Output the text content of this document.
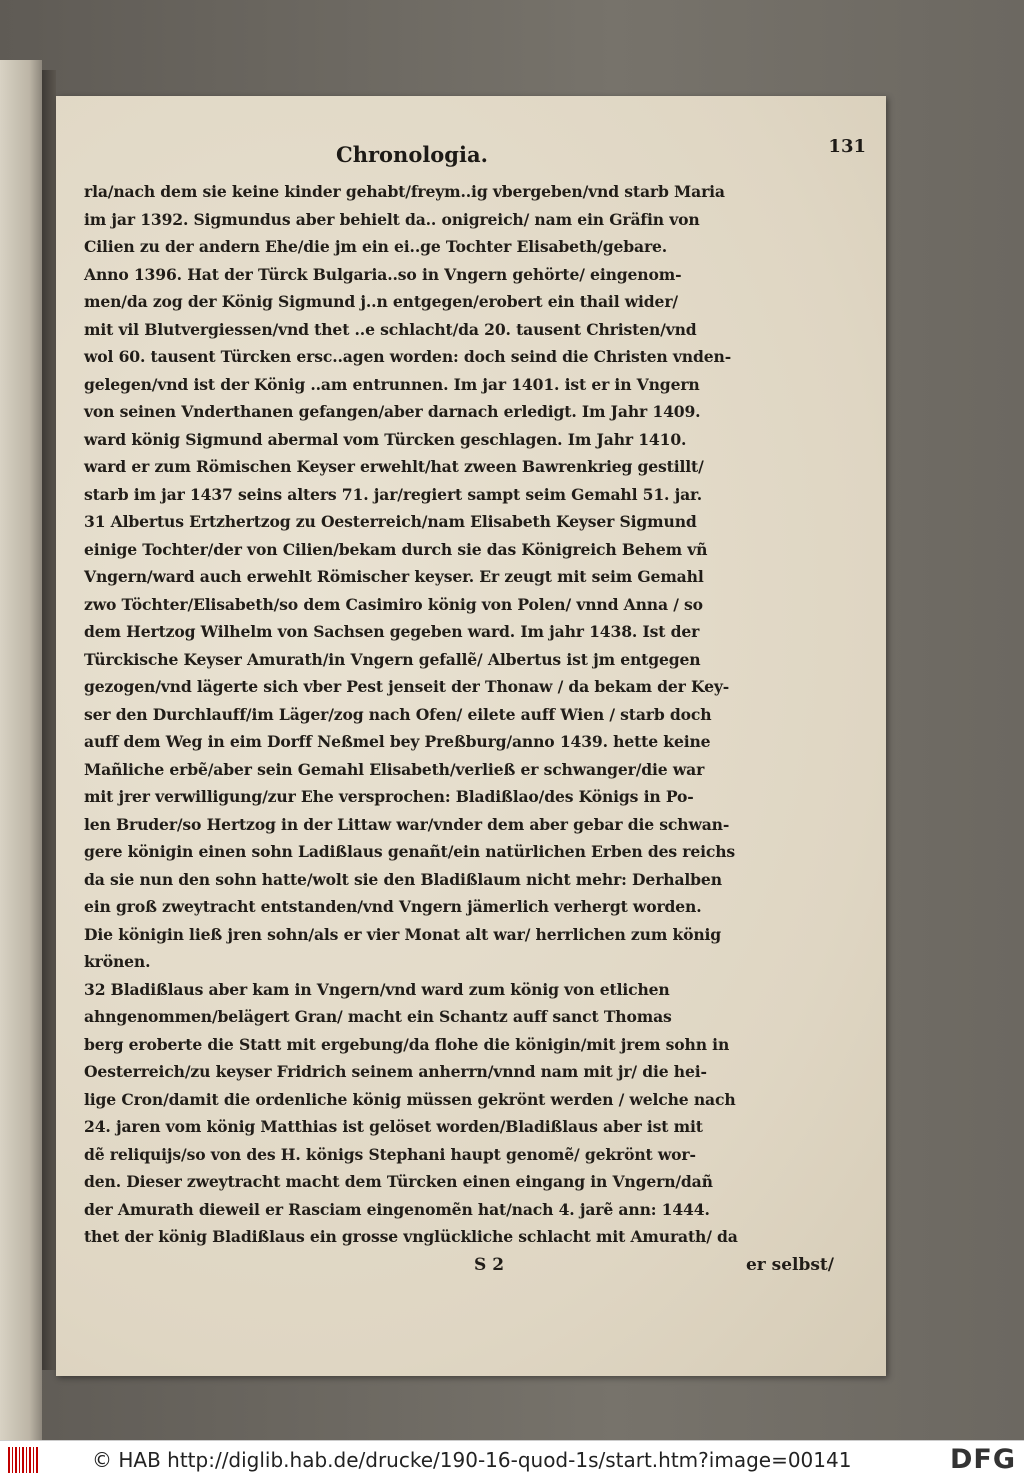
Chronologia.	131
rla/nach dem sie keine kinder gehabt/freym..ig vbergeben/vnd starb Maria
im jar 1392. Sigmundus aber behielt da.. onigreich/ nam ein Gräfin von
Cilien zu der andern Ehe/die jm ein ei..ge Tochter Elisabeth/gebare.
Anno 1396. Hat der Türck Bulgaria..so in Vngern gehörte/ eingenom-
men/da zog der König Sigmund j..n entgegen/erobert ein thail wider/
mit vil Blutvergiessen/vnd thet ..e schlacht/da 20. tausent Christen/vnd
wol 60. tausent Türcken ersc..agen worden: doch seind die Christen vnden-
gelegen/vnd ist der König ..am entrunnen. Im jar 1401. ist er in Vngern
von seinen Vnderthanen gefangen/aber darnach erledigt. Im Jahr 1409.
ward könig Sigmund abermal vom Türcken geschlagen. Im Jahr 1410.
ward er zum Römischen Keyser erwehlt/hat zween Bawrenkrieg gestillt/
starb im jar 1437 seins alters 71. jar/regiert sampt seim Gemahl 51. jar.
31 Albertus Ertzhertzog zu Oesterreich/nam Elisabeth Keyser Sigmund
einige Tochter/der von Cilien/bekam durch sie das Königreich Behem vñ
Vngern/ward auch erwehlt Römischer keyser. Er zeugt mit seim Gemahl
zwo Töchter/Elisabeth/so dem Casimiro könig von Polen/ vnnd Anna / so
dem Hertzog Wilhelm von Sachsen gegeben ward. Im jahr 1438. Ist der
Türckische Keyser Amurath/in Vngern gefallẽ/ Albertus ist jm entgegen
gezogen/vnd lägerte sich vber Pest jenseit der Thonaw / da bekam der Key-
ser den Durchlauff/im Läger/zog nach Ofen/ eilete auff Wien / starb doch
auff dem Weg in eim Dorff Neßmel bey Preßburg/anno 1439. hette keine
Mañliche erbẽ/aber sein Gemahl Elisabeth/verließ er schwanger/die war
mit jrer verwilligung/zur Ehe versprochen: Bladißlao/des Königs in Po-
len Bruder/so Hertzog in der Littaw war/vnder dem aber gebar die schwan-
gere königin einen sohn Ladißlaus genañt/ein natürlichen Erben des reichs
da sie nun den sohn hatte/wolt sie den Bladißlaum nicht mehr: Derhalben
ein groß zweytracht entstanden/vnd Vngern jämerlich verhergt worden.
Die königin ließ jren sohn/als er vier Monat alt war/ herrlichen zum könig
krönen.
32 Bladißlaus aber kam in Vngern/vnd ward zum könig von etlichen
ahngenommen/belägert Gran/ macht ein Schantz auff sanct Thomas
berg eroberte die Statt mit ergebung/da flohe die königin/mit jrem sohn in
Oesterreich/zu keyser Fridrich seinem anherrn/vnnd nam mit jr/ die hei-
lige Cron/damit die ordenliche könig müssen gekrönt werden / welche nach
24. jaren vom könig Matthias ist gelöset worden/Bladißlaus aber ist mit
dẽ reliquijs/so von des H. königs Stephani haupt genomẽ/ gekrönt wor-
den. Dieser zweytracht macht dem Türcken einen eingang in Vngern/dañ
der Amurath dieweil er Rasciam eingenomẽn hat/nach 4. jarẽ ann: 1444.
thet der könig Bladißlaus ein grosse vnglückliche schlacht mit Amurath/ da
S 2	er selbst/
© HAB http://diglib.hab.de/drucke/190-16-quod-1s/start.htm?image=00141	DFG
